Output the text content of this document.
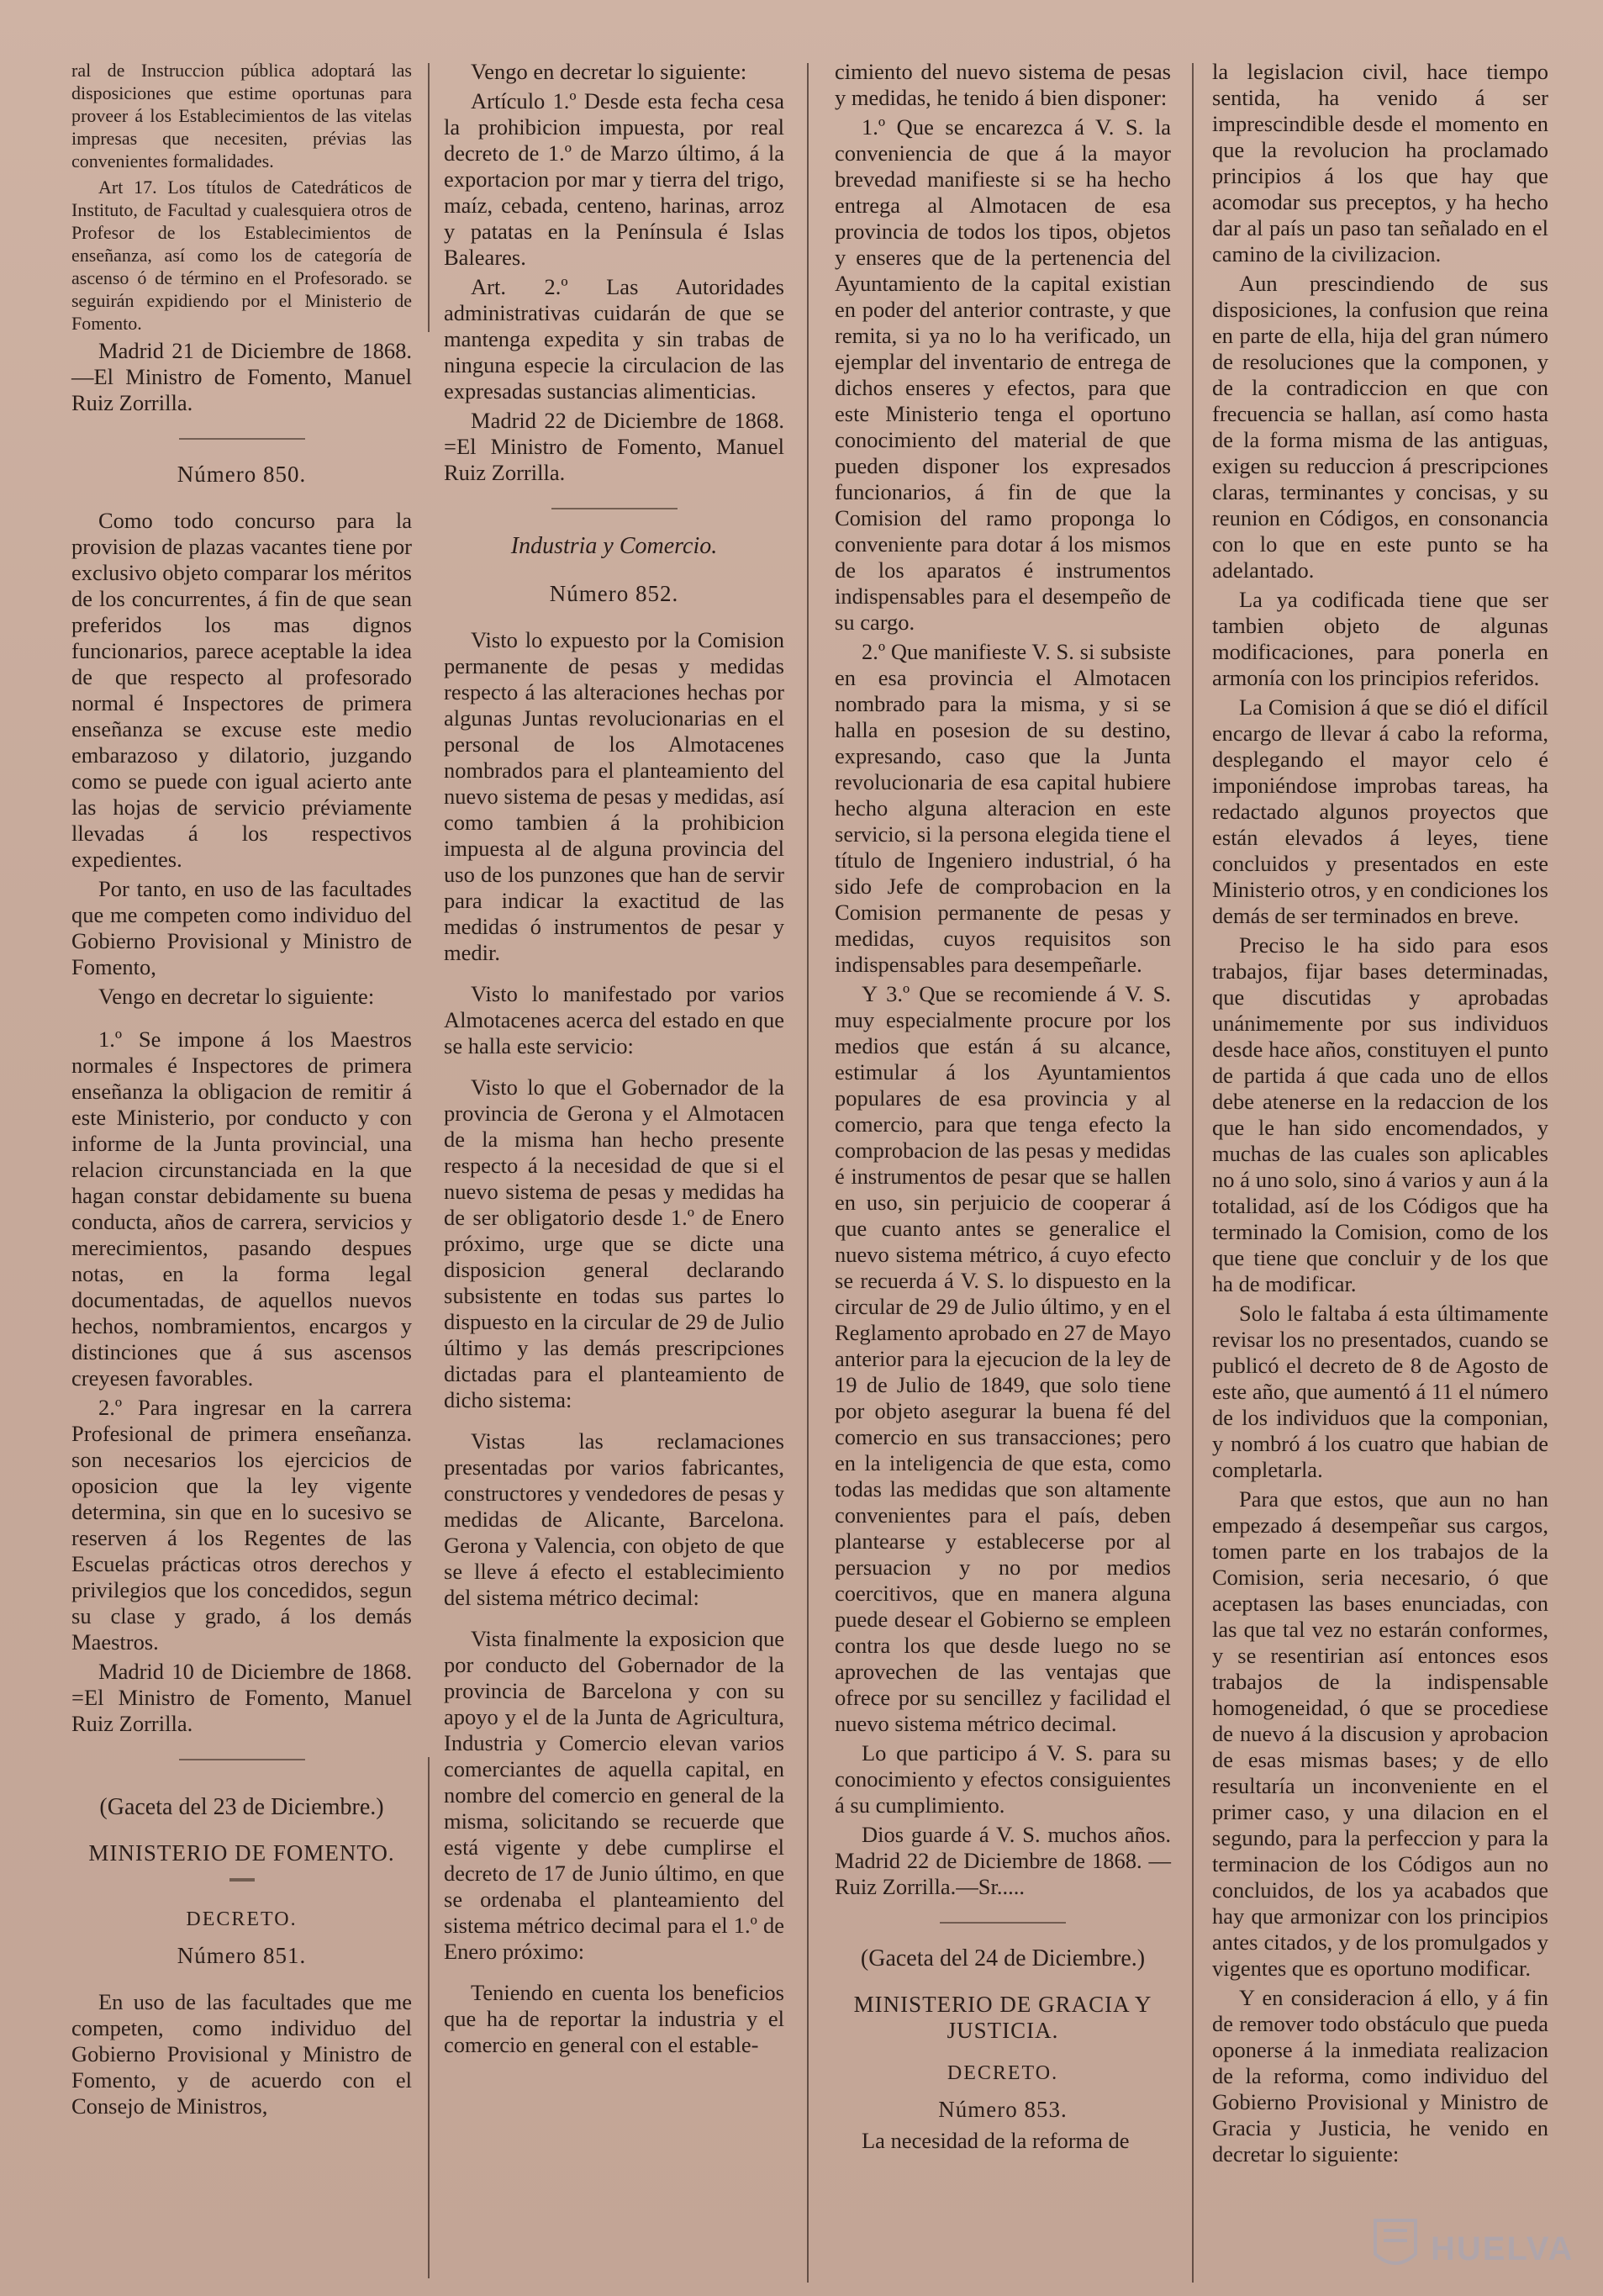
ral de Instruccion pública adoptará las disposiciones que estime oportunas para proveer á los Establecimientos de las vitelas impresas que necesiten, prévias las convenientes formalidades.

Art 17. Los títulos de Catedráticos de Instituto, de Facultad y cualesquiera otros de Profesor de los Establecimientos de enseñanza, así como los de categoría de ascenso ó de término en el Profesorado. se seguirán expidiendo por el Ministerio de Fomento.

Madrid 21 de Diciembre de 1868. —El Ministro de Fomento, Manuel Ruiz Zorrilla.

Número 850.

Como todo concurso para la provision de plazas vacantes tiene por exclusivo objeto comparar los méritos de los concurrentes, á fin de que sean preferidos los mas dignos funcionarios, parece aceptable la idea de que respecto al profesorado normal é Inspectores de primera enseñanza se excuse este medio embarazoso y dilatorio, juzgando como se puede con igual acierto ante las hojas de servicio préviamente llevadas á los respectivos expedientes.

Por tanto, en uso de las facultades que me competen como individuo del Gobierno Provisional y Ministro de Fomento,

Vengo en decretar lo siguiente:

1.º Se impone á los Maestros normales é Inspectores de primera enseñanza la obligacion de remitir á este Ministerio, por conducto y con informe de la Junta provincial, una relacion circunstanciada en la que hagan constar debidamente su buena conducta, años de carrera, servicios y merecimientos, pasando despues notas, en la forma legal documentadas, de aquellos nuevos hechos, nombramientos, encargos y distinciones que á sus ascensos creyesen favorables.

2.º Para ingresar en la carrera Profesional de primera enseñanza. son necesarios los ejercicios de oposicion que la ley vigente determina, sin que en lo sucesivo se reserven á los Regentes de las Escuelas prácticas otros derechos y privilegios que los concedidos, segun su clase y grado, á los demás Maestros.

Madrid 10 de Diciembre de 1868. =El Ministro de Fomento, Manuel Ruiz Zorrilla.

(Gaceta del 23 de Diciembre.)
MINISTERIO DE FOMENTO.
DECRETO.
Número 851.

En uso de las facultades que me competen, como individuo del Gobierno Provisional y Ministro de Fomento, y de acuerdo con el Consejo de Ministros,

Vengo en decretar lo siguiente:

Artículo 1.º Desde esta fecha cesa la prohibicion impuesta, por real decreto de 1.º de Marzo último, á la exportacion por mar y tierra del trigo, maíz, cebada, centeno, harinas, arroz y patatas en la Península é Islas Baleares.

Art. 2.º Las Autoridades administrativas cuidarán de que se mantenga expedita y sin trabas de ninguna especie la circulacion de las expresadas sustancias alimenticias.

Madrid 22 de Diciembre de 1868. =El Ministro de Fomento, Manuel Ruiz Zorrilla.

Industria y Comercio.
Número 852.

Visto lo expuesto por la Comision permanente de pesas y medidas respecto á las alteraciones hechas por algunas Juntas revolucionarias en el personal de los Almotacenes nombrados para el planteamiento del nuevo sistema de pesas y medidas, así como tambien á la prohibicion impuesta al de alguna provincia del uso de los punzones que han de servir para indicar la exactitud de las medidas ó instrumentos de pesar y medir.

Visto lo manifestado por varios Almotacenes acerca del estado en que se halla este servicio:

Visto lo que el Gobernador de la provincia de Gerona y el Almotacen de la misma han hecho presente respecto á la necesidad de que si el nuevo sistema de pesas y medidas ha de ser obligatorio desde 1.º de Enero próximo, urge que se dicte una disposicion general declarando subsistente en todas sus partes lo dispuesto en la circular de 29 de Julio último y las demás prescripciones dictadas para el planteamiento de dicho sistema:

Vistas las reclamaciones presentadas por varios fabricantes, constructores y vendedores de pesas y medidas de Alicante, Barcelona. Gerona y Valencia, con objeto de que se lleve á efecto el establecimiento del sistema métrico decimal:

Vista finalmente la exposicion que por conducto del Gobernador de la provincia de Barcelona y con su apoyo y el de la Junta de Agricultura, Industria y Comercio elevan varios comerciantes de aquella capital, en nombre del comercio en general de la misma, solicitando se recuerde que está vigente y debe cumplirse el decreto de 17 de Junio último, en que se ordenaba el planteamiento del sistema métrico decimal para el 1.º de Enero próximo:

Teniendo en cuenta los beneficios que ha de reportar la industria y el comercio en general con el estable-

cimiento del nuevo sistema de pesas y medidas, he tenido á bien disponer:

1.º Que se encarezca á V. S. la conveniencia de que á la mayor brevedad manifieste si se ha hecho entrega al Almotacen de esa provincia de todos los tipos, objetos y enseres que de la pertenencia del Ayuntamiento de la capital existian en poder del anterior contraste, y que remita, si ya no lo ha verificado, un ejemplar del inventario de entrega de dichos enseres y efectos, para que este Ministerio tenga el oportuno conocimiento del material de que pueden disponer los expresados funcionarios, á fin de que la Comision del ramo proponga lo conveniente para dotar á los mismos de los aparatos é instrumentos indispensables para el desempeño de su cargo.

2.º Que manifieste V. S. si subsiste en esa provincia el Almotacen nombrado para la misma, y si se halla en posesion de su destino, expresando, caso que la Junta revolucionaria de esa capital hubiere hecho alguna alteracion en este servicio, si la persona elegida tiene el título de Ingeniero industrial, ó ha sido Jefe de comprobacion en la Comision permanente de pesas y medidas, cuyos requisitos son indispensables para desempeñarle.

Y 3.º Que se recomiende á V. S. muy especialmente procure por los medios que están á su alcance, estimular á los Ayuntamientos populares de esa provincia y al comercio, para que tenga efecto la comprobacion de las pesas y medidas é instrumentos de pesar que se hallen en uso, sin perjuicio de cooperar á que cuanto antes se generalice el nuevo sistema métrico, á cuyo efecto se recuerda á V. S. lo dispuesto en la circular de 29 de Julio último, y en el Reglamento aprobado en 27 de Mayo anterior para la ejecucion de la ley de 19 de Julio de 1849, que solo tiene por objeto asegurar la buena fé del comercio en sus transacciones; pero en la inteligencia de que esta, como todas las medidas que son altamente convenientes para el país, deben plantearse y establecerse por al persuacion y no por medios coercitivos, que en manera alguna puede desear el Gobierno se empleen contra los que desde luego no se aprovechen de las ventajas que ofrece por su sencillez y facilidad el nuevo sistema métrico decimal.

Lo que participo á V. S. para su conocimiento y efectos consiguientes á su cumplimiento.

Dios guarde á V. S. muchos años. Madrid 22 de Diciembre de 1868. —Ruiz Zorrilla.—Sr.....

(Gaceta del 24 de Diciembre.)
MINISTERIO DE GRACIA Y JUSTICIA.
DECRETO.
Número 853.

La necesidad de la reforma de

la legislacion civil, hace tiempo sentida, ha venido á ser imprescindible desde el momento en que la revolucion ha proclamado principios á los que hay que acomodar sus preceptos, y ha hecho dar al país un paso tan señalado en el camino de la civilizacion.

Aun prescindiendo de sus disposiciones, la confusion que reina en parte de ella, hija del gran número de resoluciones que la componen, y de la contradiccion en que con frecuencia se hallan, así como hasta de la forma misma de las antiguas, exigen su reduccion á prescripciones claras, terminantes y concisas, y su reunion en Códigos, en consonancia con lo que en este punto se ha adelantado.

La ya codificada tiene que ser tambien objeto de algunas modificaciones, para ponerla en armonía con los principios referidos.

La Comision á que se dió el difícil encargo de llevar á cabo la reforma, desplegando el mayor celo é imponiéndose improbas tareas, ha redactado algunos proyectos que están elevados á leyes, tiene concluidos y presentados en este Ministerio otros, y en condiciones los demás de ser terminados en breve.

Preciso le ha sido para esos trabajos, fijar bases determinadas, que discutidas y aprobadas unánimemente por sus individuos desde hace años, constituyen el punto de partida á que cada uno de ellos debe atenerse en la redaccion de los que le han sido encomendados, y muchas de las cuales son aplicables no á uno solo, sino á varios y aun á la totalidad, así de los Códigos que ha terminado la Comision, como de los que tiene que concluir y de los que ha de modificar.

Solo le faltaba á esta últimamente revisar los no presentados, cuando se publicó el decreto de 8 de Agosto de este año, que aumentó á 11 el número de los individuos que la componian, y nombró á los cuatro que habian de completarla.

Para que estos, que aun no han empezado á desempeñar sus cargos, tomen parte en los trabajos de la Comision, seria necesario, ó que aceptasen las bases enunciadas, con las que tal vez no estarán conformes, y se resentirian así entonces esos trabajos de la indispensable homogeneidad, ó que se procediese de nuevo á la discusion y aprobacion de esas mismas bases; y de ello resultaría un inconveniente en el primer caso, y una dilacion en el segundo, para la perfeccion y para la terminacion de los Códigos aun no concluidos, de los ya acabados que hay que armonizar con los principios antes citados, y de los promulgados y vigentes que es oportuno modificar.

Y en consideracion á ello, y á fin de remover todo obstáculo que pueda oponerse á la inmediata realizacion de la reforma, como individuo del Gobierno Provisional y Ministro de Gracia y Justicia, he venido en decretar lo siguiente:

HUELVA
